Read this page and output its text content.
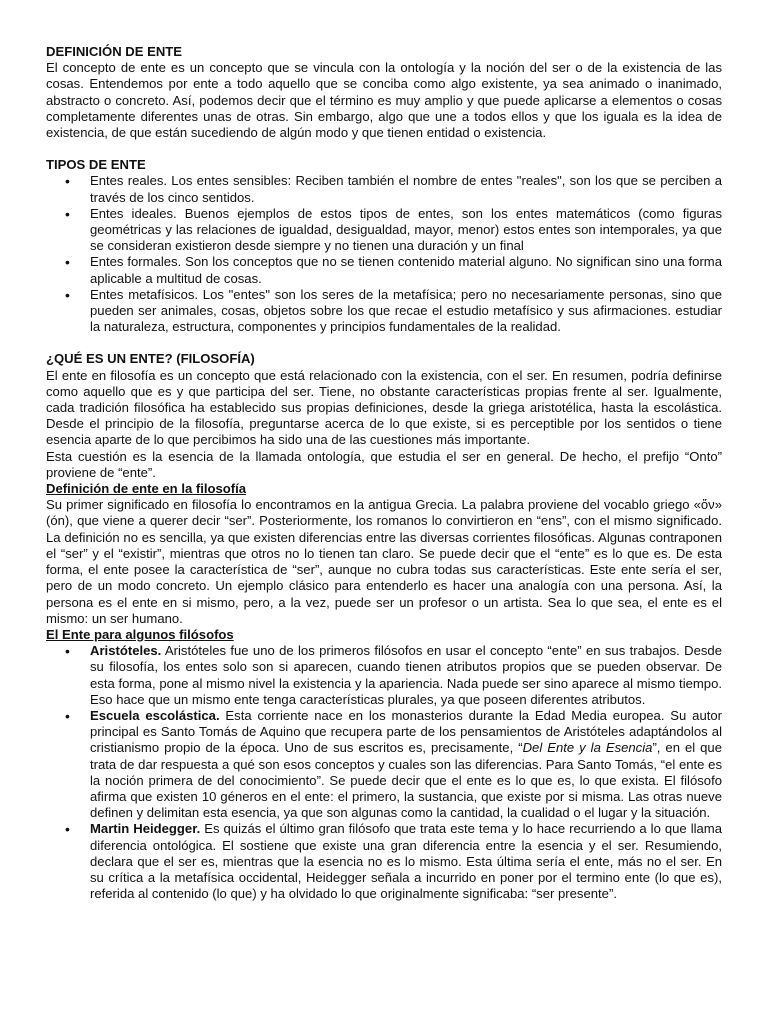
DEFINICIÓN DE ENTE

El concepto de ente es un concepto que se vincula con la ontología y la noción del ser o de la existencia de las cosas. Entendemos por ente a todo aquello que se conciba como algo existente, ya sea animado o inanimado, abstracto o concreto. Así, podemos decir que el término es muy amplio y que puede aplicarse a elementos o cosas completamente diferentes unas de otras. Sin embargo, algo que une a todos ellos y que los iguala es la idea de existencia, de que están sucediendo de algún modo y que tienen entidad o existencia.

TIPOS DE ENTE
• Entes reales. Los entes sensibles: Reciben también el nombre de entes "reales", son los que se perciben a través de los cinco sentidos.
• Entes ideales. Buenos ejemplos de estos tipos de entes, son los entes matemáticos (como figuras geométricas y las relaciones de igualdad, desigualdad, mayor, menor) estos entes son intemporales, ya que se consideran existieron desde siempre y no tienen una duración y un final
• Entes formales. Son los conceptos que no se tienen contenido material alguno. No significan sino una forma aplicable a multitud de cosas.
• Entes metafísicos. Los "entes" son los seres de la metafísica; pero no necesariamente personas, sino que pueden ser animales, cosas, objetos sobre los que recae el estudio metafísico y sus afirmaciones. estudiar la naturaleza, estructura, componentes y principios fundamentales de la realidad.
¿QUÉ ES UN ENTE? (FILOSOFÍA)

El ente en filosofía es un concepto que está relacionado con la existencia, con el ser. En resumen, podría definirse como aquello que es y que participa del ser. Tiene, no obstante características propias frente al ser. Igualmente, cada tradición filosófica ha establecido sus propias definiciones, desde la griega aristotélica, hasta la escolástica. Desde el principio de la filosofía, preguntarse acerca de lo que existe, si es perceptible por los sentidos o tiene esencia aparte de lo que percibimos ha sido una de las cuestiones más importante.

Esta cuestión es la esencia de la llamada ontología, que estudia el ser en general. De hecho, el prefijo “Onto” proviene de “ente”.

Definición de ente en la filosofía

Su primer significado en filosofía lo encontramos en la antigua Grecia. La palabra proviene del vocablo griego «ὄν» (ón), que viene a querer decir “ser”. Posteriormente, los romanos lo convirtieron en “ens”, con el mismo significado. La definición no es sencilla, ya que existen diferencias entre las diversas corrientes filosóficas. Algunas contraponen el “ser” y el “existir”, mientras que otros no lo tienen tan claro. Se puede decir que el “ente” es lo que es. De esta forma, el ente posee la característica de “ser”, aunque no cubra todas sus características. Este ente sería el ser, pero de un modo concreto. Un ejemplo clásico para entenderlo es hacer una analogía con una persona. Así, la persona es el ente en si mismo, pero, a la vez, puede ser un profesor o un artista. Sea lo que sea, el ente es el mismo: un ser humano.

El Ente para algunos filósofos
• Aristóteles. Aristóteles fue uno de los primeros filósofos en usar el concepto “ente” en sus trabajos. Desde su filosofía, los entes solo son si aparecen, cuando tienen atributos propios que se pueden observar. De esta forma, pone al mismo nivel la existencia y la apariencia. Nada puede ser sino aparece al mismo tiempo. Eso hace que un mismo ente tenga características plurales, ya que poseen diferentes atributos.
• Escuela escolástica. Esta corriente nace en los monasterios durante la Edad Media europea. Su autor principal es Santo Tomás de Aquino que recupera parte de los pensamientos de Aristóteles adaptándolos al cristianismo propio de la época. Uno de sus escritos es, precisamente, “Del Ente y la Esencia”, en el que trata de dar respuesta a qué son esos conceptos y cuales son las diferencias. Para Santo Tomás, “el ente es la noción primera de del conocimiento”. Se puede decir que el ente es lo que es, lo que exista. El filósofo afirma que existen 10 géneros en el ente: el primero, la sustancia, que existe por si misma. Las otras nueve definen y delimitan esta esencia, ya que son algunas como la cantidad, la cualidad o el lugar y la situación.
• Martin Heidegger. Es quizás el último gran filósofo que trata este tema y lo hace recurriendo a lo que llama diferencia ontológica. El sostiene que existe una gran diferencia entre la esencia y el ser. Resumiendo, declara que el ser es, mientras que la esencia no es lo mismo. Esta última sería el ente, más no el ser. En su crítica a la metafísica occidental, Heidegger señala a incurrido en poner por el termino ente (lo que es), referida al contenido (lo que) y ha olvidado lo que originalmente significaba: “ser presente”.
